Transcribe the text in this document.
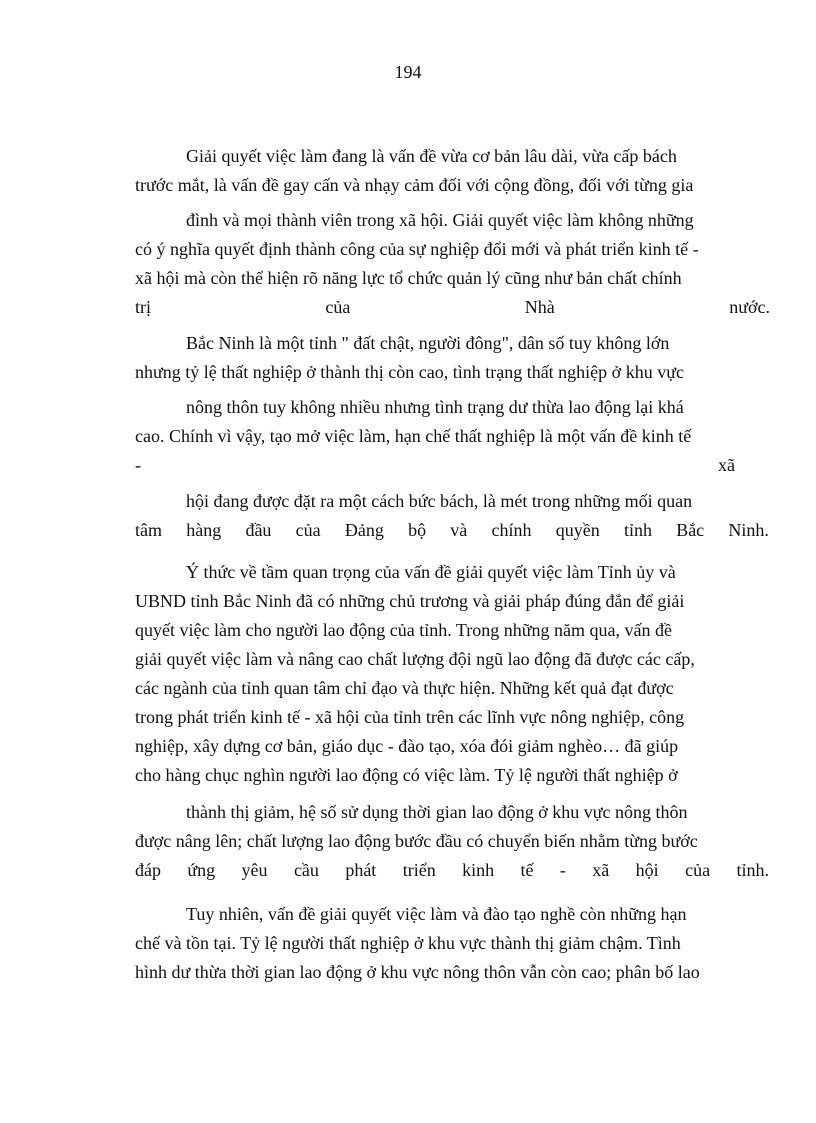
194
Giải quyết việc làm đang là vấn đề vừa cơ bản lâu dài, vừa cấp bách
trước mắt, là vấn đề gay cấn và nhạy cảm đối với cộng đồng, đối với từng gia
đình và mọi thành viên trong xã hội. Giải quyết việc làm không những
có ý nghĩa quyết định thành công của sự nghiệp đổi mới và phát triển kinh tế -
xã hội mà còn thể hiện rõ năng lực tổ chức quản lý cũng như bản chất chính
trị	của	Nhà	nước.
Bắc Ninh là một tỉnh " đất chật, người đông", dân số tuy không lớn
nhưng tỷ lệ thất nghiệp ở thành thị còn cao, tình trạng thất nghiệp ở khu vực
nông thôn tuy không nhiều nhưng tình trạng dư thừa lao động lại khá
cao. Chính vì vậy, tạo mở việc làm, hạn chế thất nghiệp là một vấn đề kinh tế
-	xã
hội đang được đặt ra một cách bức bách, là mét trong những mối quan
tâm hàng đầu của Đảng bộ và chính quyền tỉnh Bắc Ninh.
Ý thức về tầm quan trọng của vấn đề giải quyết việc làm Tỉnh ủy và
UBND tỉnh Bắc Ninh đã có những chủ trương và giải pháp đúng đắn để giải
quyết việc làm cho người lao động của tỉnh. Trong những năm qua, vấn đề
giải quyết việc làm và nâng cao chất lượng đội ngũ lao động đã được các cấp,
các ngành của tỉnh quan tâm chỉ đạo và thực hiện. Những kết quả đạt được
trong phát triển kinh tế - xã hội của tỉnh trên các lĩnh vực nông nghiệp, công
nghiệp, xây dựng cơ bản, giáo dục - đào tạo, xóa đói giảm nghèo… đã giúp
cho hàng chục nghìn người lao động có việc làm. Tỷ lệ người thất nghiệp ở
thành thị giảm, hệ số sử dụng thời gian lao động ở khu vực nông thôn
được nâng lên; chất lượng lao động bước đầu có chuyển biến nhằm từng bước
đáp ứng yêu cầu phát triển kinh tế - xã hội của tỉnh.
Tuy nhiên, vấn đề giải quyết việc làm và đào tạo nghề còn những hạn
chế và tồn tại. Tỷ lệ người thất nghiệp ở khu vực thành thị giảm chậm. Tình
hình dư thừa thời gian lao động ở khu vực nông thôn vẫn còn cao; phân bố lao
